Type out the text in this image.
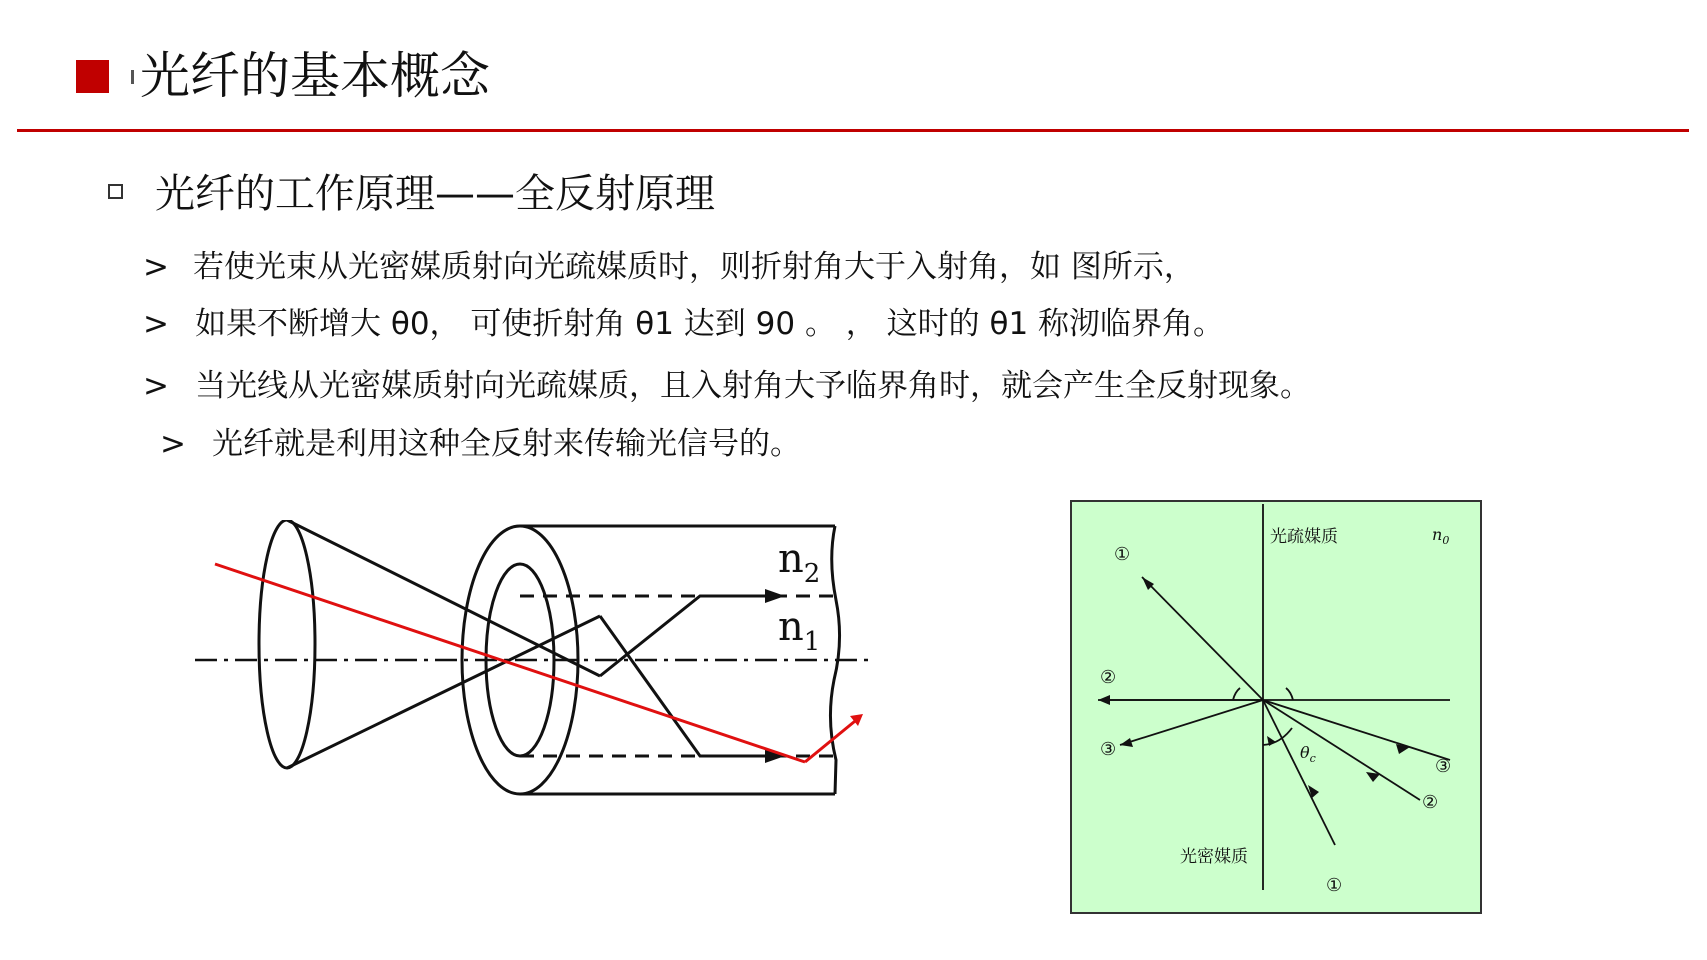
光纤的基本概念
光纤的工作原理——全反射原理
> 若使光束从光密媒质射向光疏媒质时，则折射角大于入射角，如 图所示，
> 如果不断增大 θ0， 可使折射角 θ1 达到 90 。 ， 这时的 θ1 称沏临界角。
> 当光线从光密媒质射向光疏媒质，且入射角大予临界角时，就会产生全反射现象。
> 光纤就是利用这种全反射来传输光信号的。
$n_2$
$n_1$
光疏媒质
光密媒质
$n_0$
$\theta_c$
①
②
③
①
②
③
